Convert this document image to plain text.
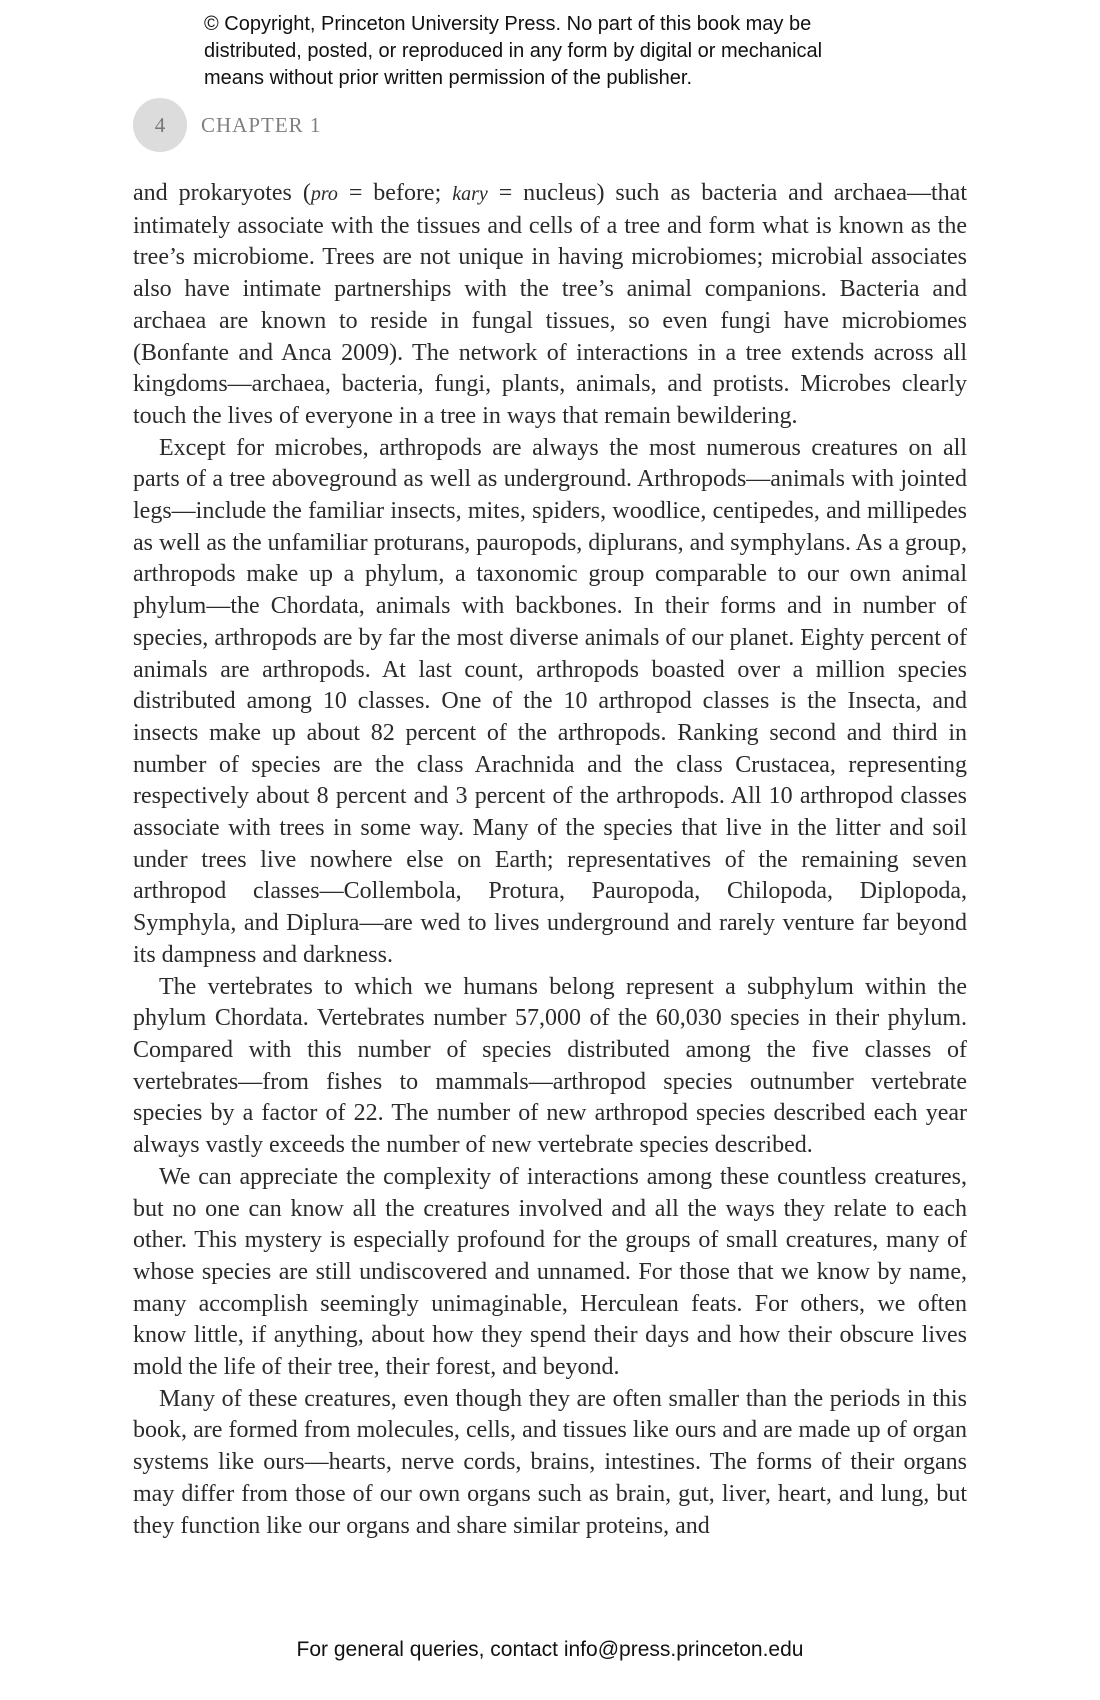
© Copyright, Princeton University Press. No part of this book may be
distributed, posted, or reproduced in any form by digital or mechanical
means without prior written permission of the publisher.
4	CHAPTER 1

and prokaryotes (pro = before; kary = nucleus) such as bacteria and archaea—that intimately associate with the tissues and cells of a tree and form what is known as the tree’s microbiome. Trees are not unique in having microbiomes; microbial associates also have intimate partnerships with the tree’s animal companions. Bacteria and archaea are known to reside in fungal tissues, so even fungi have microbiomes (Bonfante and Anca 2009). The network of interactions in a tree extends across all kingdoms—archaea, bacteria, fungi, plants, animals, and protists. Microbes clearly touch the lives of everyone in a tree in ways that remain bewildering.

Except for microbes, arthropods are always the most numerous creatures on all parts of a tree aboveground as well as underground. Arthropods—animals with jointed legs—include the familiar insects, mites, spiders, woodlice, centipedes, and millipedes as well as the unfamiliar proturans, pauropods, diplurans, and symphylans. As a group, arthropods make up a phylum, a taxonomic group comparable to our own animal phylum—the Chordata, animals with backbones. In their forms and in number of species, arthropods are by far the most diverse animals of our planet. Eighty percent of animals are arthropods. At last count, arthropods boasted over a million species distributed among 10 classes. One of the 10 arthropod classes is the Insecta, and insects make up about 82 percent of the arthropods. Ranking second and third in number of species are the class Arachnida and the class Crustacea, representing respectively about 8 percent and 3 percent of the arthropods. All 10 arthropod classes associate with trees in some way. Many of the species that live in the litter and soil under trees live nowhere else on Earth; representatives of the remaining seven arthropod classes—Collembola, Protura, Pauropoda, Chilopoda, Diplopoda, Symphyla, and Diplura—are wed to lives underground and rarely venture far beyond its dampness and darkness.

The vertebrates to which we humans belong represent a subphylum within the phylum Chordata. Vertebrates number 57,000 of the 60,030 species in their phylum. Compared with this number of species distributed among the five classes of vertebrates—from fishes to mammals—arthropod species outnumber vertebrate species by a factor of 22. The number of new arthropod species described each year always vastly exceeds the number of new vertebrate species described.

We can appreciate the complexity of interactions among these countless creatures, but no one can know all the creatures involved and all the ways they relate to each other. This mystery is especially profound for the groups of small creatures, many of whose species are still undiscovered and unnamed. For those that we know by name, many accomplish seemingly unimaginable, Herculean feats. For others, we often know little, if anything, about how they spend their days and how their obscure lives mold the life of their tree, their forest, and beyond.

Many of these creatures, even though they are often smaller than the periods in this book, are formed from molecules, cells, and tissues like ours and are made up of organ systems like ours—hearts, nerve cords, brains, intestines. The forms of their organs may differ from those of our own organs such as brain, gut, liver, heart, and lung, but they function like our organs and share similar proteins, and

For general queries, contact info@press.princeton.edu
